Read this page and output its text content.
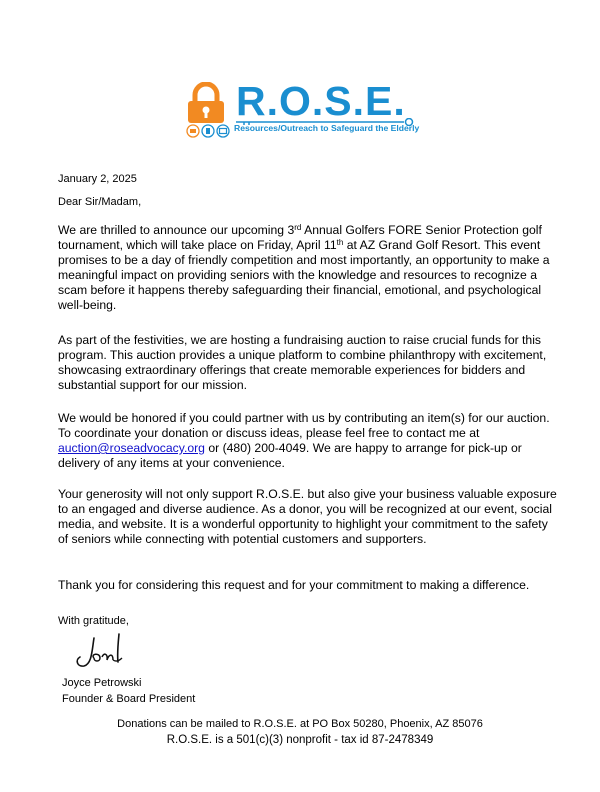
R.O.S.E.
Resources/Outreach to Safeguard the Elderly
January 2, 2025
Dear Sir/Madam,

We are thrilled to announce our upcoming 3rd Annual Golfers FORE Senior Protection golf tournament, which will take place on Friday, April 11th at AZ Grand Golf Resort. This event promises to be a day of friendly competition and most importantly, an opportunity to make a meaningful impact on providing seniors with the knowledge and resources to recognize a scam before it happens thereby safeguarding their financial, emotional, and psychological well-being.

As part of the festivities, we are hosting a fundraising auction to raise crucial funds for this program. This auction provides a unique platform to combine philanthropy with excitement, showcasing extraordinary offerings that create memorable experiences for bidders and substantial support for our mission.

We would be honored if you could partner with us by contributing an item(s) for our auction. To coordinate your donation or discuss ideas, please feel free to contact me at auction@roseadvocacy.org or (480) 200-4049. We are happy to arrange for pick-up or delivery of any items at your convenience.

Your generosity will not only support R.O.S.E. but also give your business valuable exposure to an engaged and diverse audience. As a donor, you will be recognized at our event, social media, and website. It is a wonderful opportunity to highlight your commitment to the safety of seniors while connecting with potential customers and supporters.

Thank you for considering this request and for your commitment to making a difference.

With gratitude,
Joyce Petrowski
Founder & Board President
Donations can be mailed to R.O.S.E. at PO Box 50280, Phoenix, AZ 85076
R.O.S.E. is a 501(c)(3) nonprofit - tax id 87-2478349
